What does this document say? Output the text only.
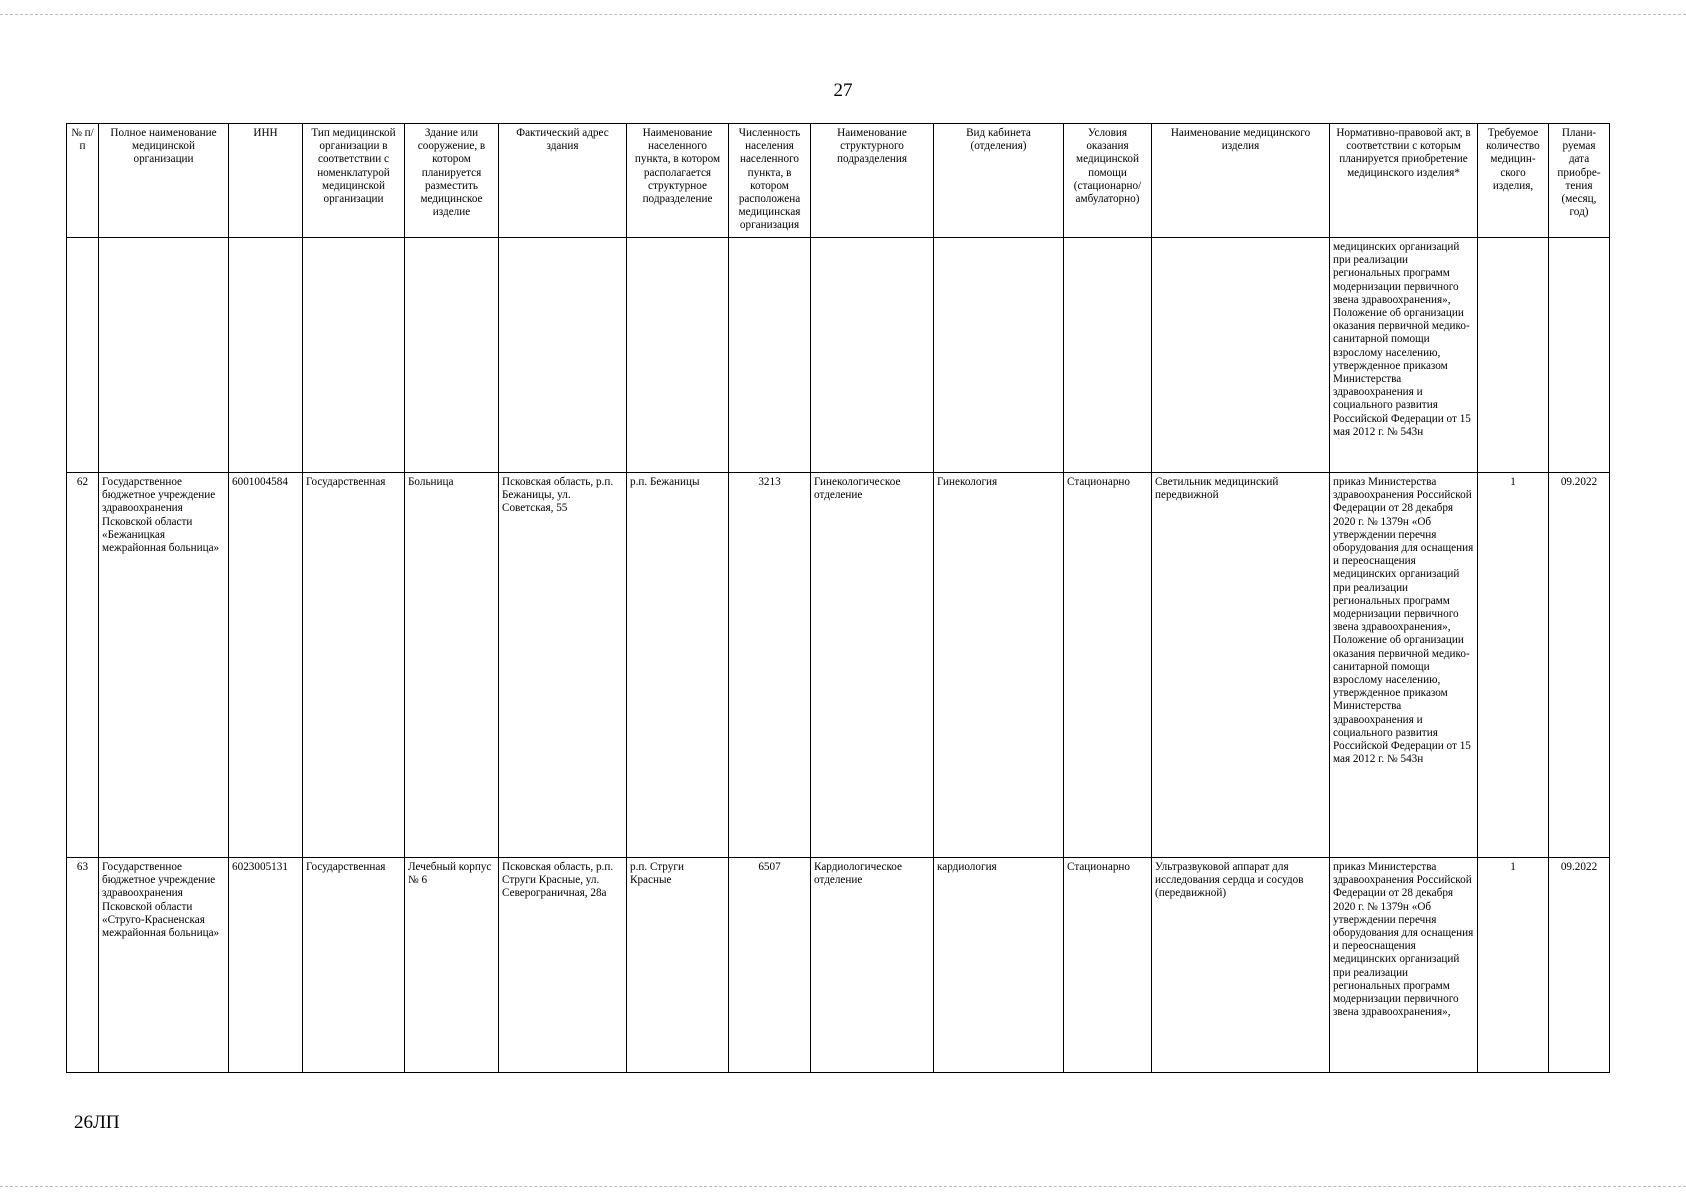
27
№ п/п	Полное наименование медицинской организации	ИНН	Тип медицинской организации в соответствии с номенклатурой медицинской организации	Здание или сооружение, в котором планируется разместить медицинское изделие	Фактический адрес здания	Наименование населенного пункта, в котором располагается структурное подразделение	Численность населения населенного пункта, в котором расположена медицинская организация	Наименование структурного подразделения	Вид кабинета (отделения)	Условия оказания медицинской помощи (стационарно/ амбулаторно)	Наименование медицинского изделия	Нормативно-правовой акт, в соответствии с которым планируется приобретение медицинского изделия*	Требуемое количество медицин-ского изделия,	Плани-руемая дата приобре-тения (месяц, год)
												медицинских организаций при реализации региональных программ модернизации первичного звена здравоохранения», Положение об организации оказания первичной медико-санитарной помощи взрослому населению, утвержденное приказом Министерства здравоохранения и социального развития Российской Федерации от 15 мая 2012 г. № 543н		
62	Государственное бюджетное учреждение здравоохранения Псковской области «Бежаницкая межрайонная больница»	6001004584	Государственная	Больница	Псковская область, р.п. Бежаницы, ул. Советская, 55	р.п. Бежаницы	3213	Гинекологическое отделение	Гинекология	Стационарно	Светильник медицинский передвижной	приказ Министерства здравоохранения Российской Федерации от 28 декабря 2020 г. № 1379н «Об утверждении перечня оборудования для оснащения и переоснащения медицинских организаций при реализации региональных программ модернизации первичного звена здравоохранения», Положение об организации оказания первичной медико-санитарной помощи взрослому населению, утвержденное приказом Министерства здравоохранения и социального развития Российской Федерации от 15 мая 2012 г. № 543н	1	09.2022
63	Государственное бюджетное учреждение здравоохранения Псковской области «Струго-Красненская межрайонная больница»	6023005131	Государственная	Лечебный корпус № 6	Псковская область, р.п. Струги Красные, ул. Северограничная, 28а	р.п. Струги Красные	6507	Кардиологическое отделение	кардиология	Стационарно	Ультразвуковой аппарат для исследования сердца и сосудов (передвижной)	приказ Министерства здравоохранения Российской Федерации от 28 декабря 2020 г. № 1379н «Об утверждении перечня оборудования для оснащения и переоснащения медицинских организаций при реализации региональных программ модернизации первичного звена здравоохранения»,	1	09.2022
26ЛП
